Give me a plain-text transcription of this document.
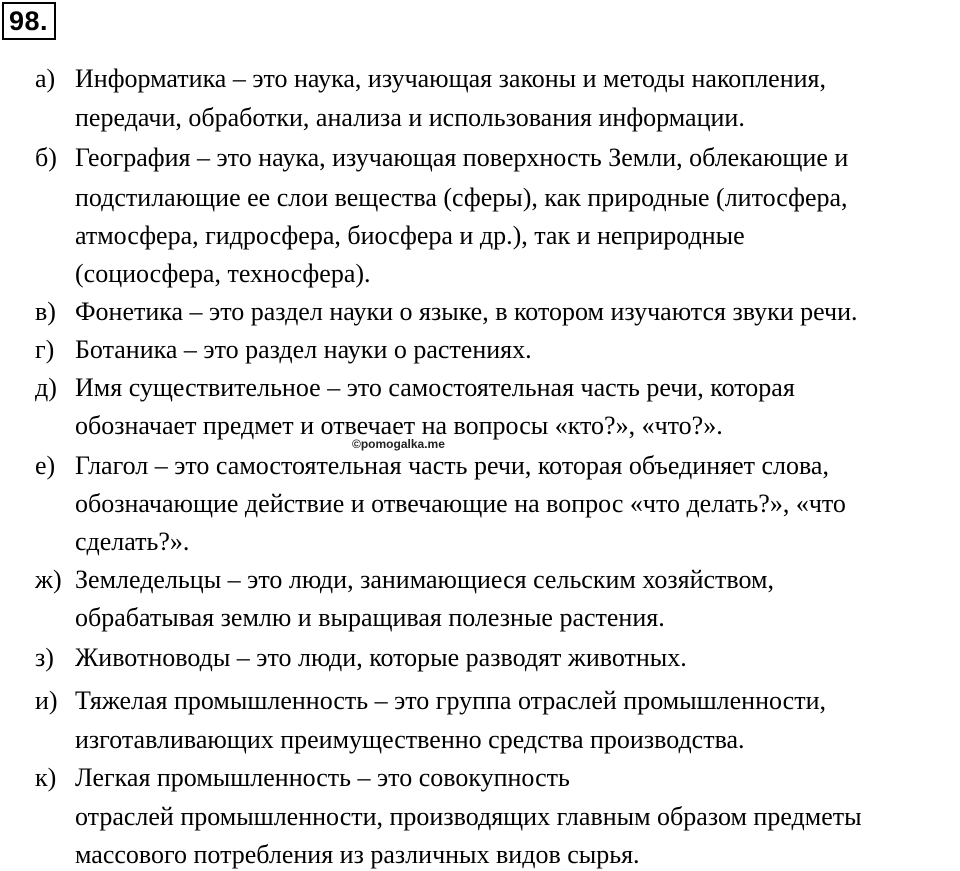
98.
а) Информатика – это наука, изучающая законы и методы накопления,
передачи, обработки, анализа и использования информации.
б) География – это наука, изучающая поверхность Земли, облекающие и
подстилающие ее слои вещества (сферы), как природные (литосфера,
атмосфера, гидросфера, биосфера и др.), так и неприродные
(социосфера, техносфера).
в) Фонетика – это раздел науки о языке, в котором изучаются звуки речи.
г) Ботаника – это раздел науки о растениях.
д) Имя существительное – это самостоятельная часть речи, которая
обозначает предмет и отвечает на вопросы «кто?», «что?».
©pomogalka.me
е) Глагол – это самостоятельная часть речи, которая объединяет слова,
обозначающие действие и отвечающие на вопрос «что делать?», «что
сделать?».
ж) Земледельцы – это люди, занимающиеся сельским хозяйством,
обрабатывая землю и выращивая полезные растения.
з) Животноводы – это люди, которые разводят животных.
и) Тяжелая промышленность – это группа отраслей промышленности,
изготавливающих преимущественно средства производства.
к) Легкая промышленность – это совокупность
отраслей промышленности, производящих главным образом предметы
массового потребления из различных видов сырья.
